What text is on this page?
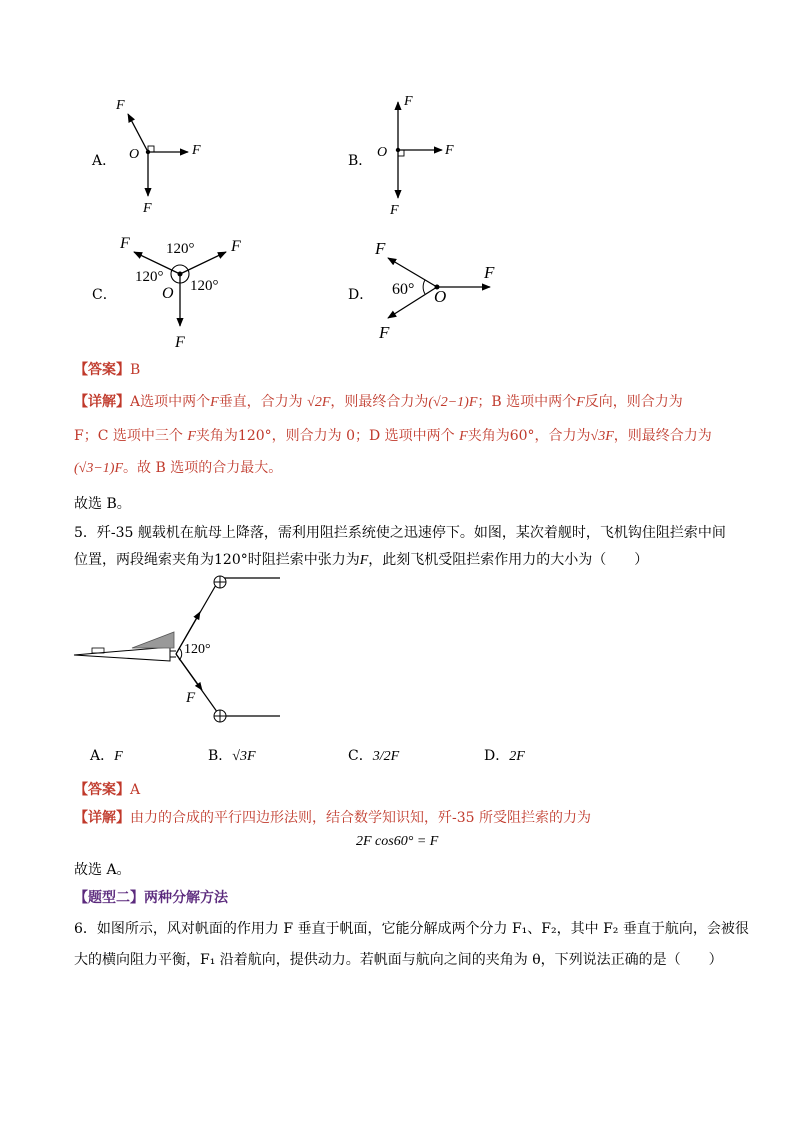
A．
F
F
F
O	B．
F
F
F
O
C．
F	F
F
O
120°
120°
120°
D．
F
F
F
O
60°
【答案】B
【详解】A选项中两个F垂直，合力为 √2F，则最终合力为(√2−1)F；B 选项中两个F反向，则合力为
F；C 选项中三个 F夹角为120°，则合力为 0；D 选项中两个 F夹角为60°，合力为√3F，则最终合力为
(√3−1)F。故 B 选项的合力最大。
故选 B。
5．歼-35 舰载机在航母上降落，需利用阻拦系统使之迅速停下。如图，某次着舰时，飞机钩住阻拦索中间
位置，两段绳索夹角为120°时阻拦索中张力为F，此刻飞机受阻拦索作用力的大小为（　　）
120°
F
A．F	B．√3F	C．3/2F	D．2F
【答案】A
【详解】由力的合成的平行四边形法则，结合数学知识知，歼-35 所受阻拦索的力为
2F cos60° = F
故选 A。
【题型二】两种分解方法
6．如图所示，风对帆面的作用力 F 垂直于帆面，它能分解成两个分力 F₁、F₂，其中 F₂ 垂直于航向，会被很
大的横向阻力平衡，F₁ 沿着航向，提供动力。若帆面与航向之间的夹角为 θ，下列说法正确的是（　　）
